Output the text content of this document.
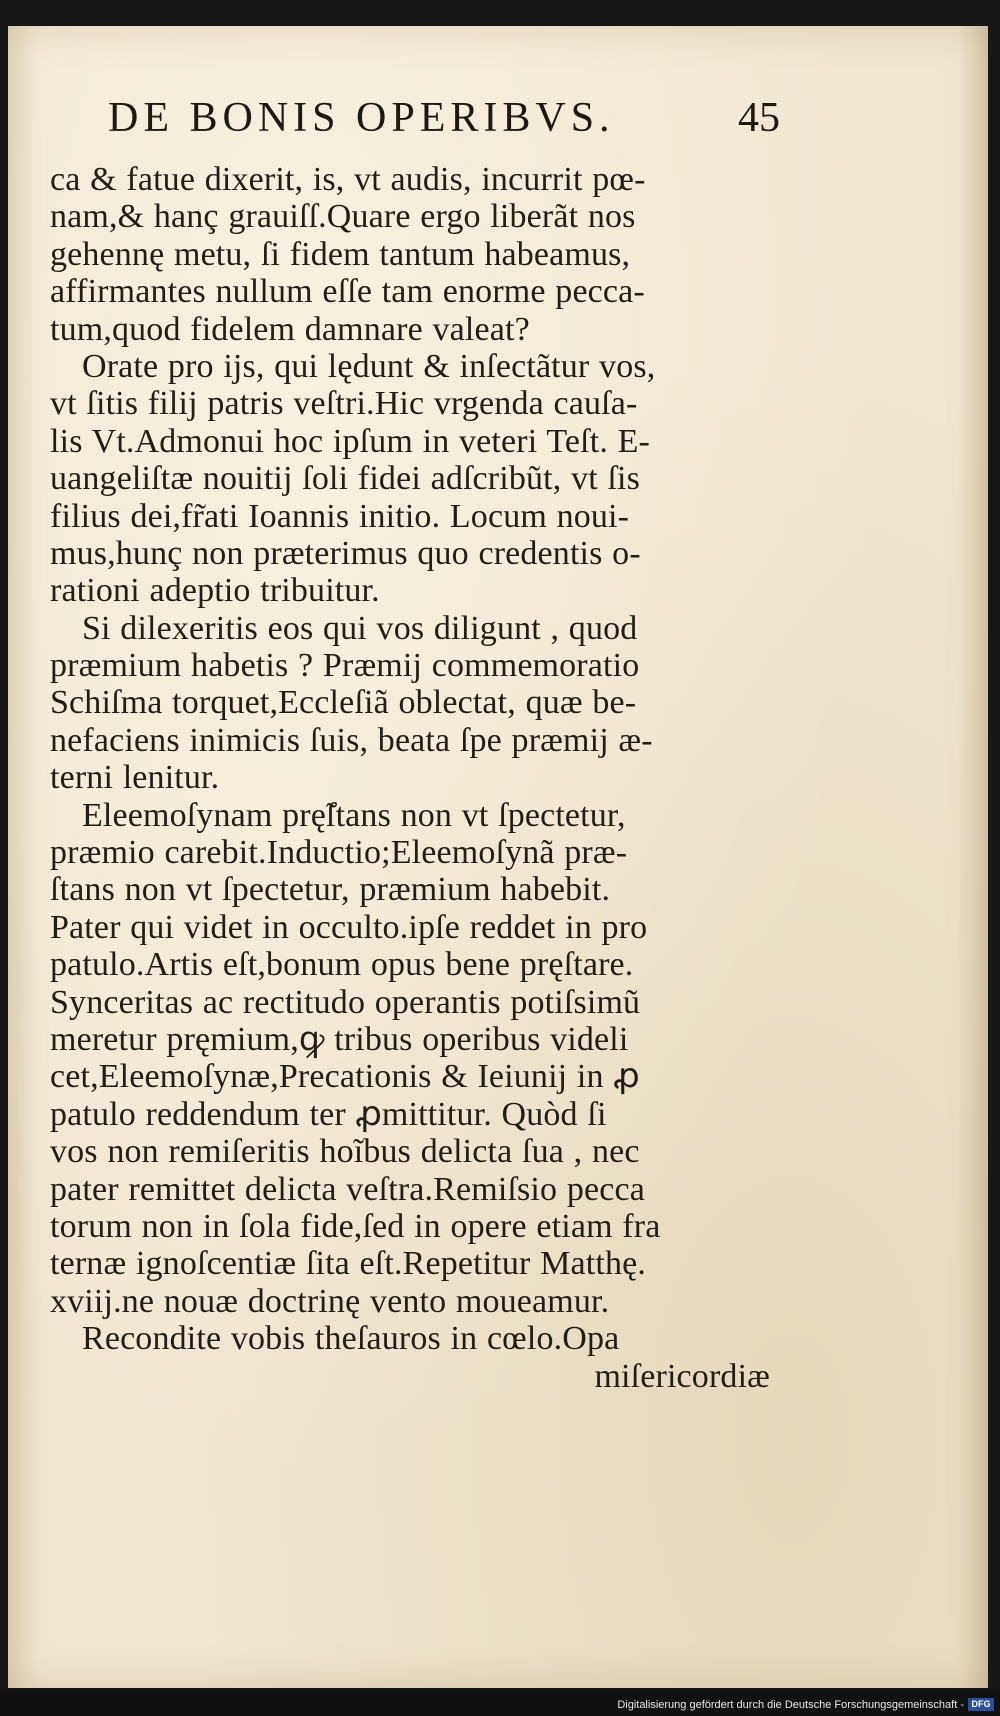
DE BONIS OPERIBVS.	45
ca & fatue dixerit, is, vt audis, incurrit pœ-
nam,& hanç grauiſſ.Quare ergo liberãt nos
gehennę metu, ſi fidem tantum habeamus,
affirmantes nullum eſſe tam enorme pecca-
tum,quod fidelem damnare valeat?
Orate pro ijs, qui lędunt & inſectãtur vos,
vt ſitis filij patris veſtri.Hic vrgenda cauſa-
lis Vt.Admonui hoc ipſum in veteri Teſt. E-
uangeliſtæ nouitij ſoli fidei adſcribũt, vt ſis
filius dei,fr̃ati Ioannis initio. Locum noui-
mus,hunç non præterimus quo credentis o-
rationi adeptio tribuitur.
Si dilexeritis eos qui vos diligunt , quod
præmium habetis ? Præmij commemoratio
Schiſma torquet,Eccleſiã oblectat, quæ be-
nefaciens inimicis ſuis, beata ſpe præmij æ-
terni lenitur.
Eleemoſynam prę̃ſtans non vt ſpectetur,
præmio carebit.Inductio;Eleemoſynã præ-
ſtans non vt ſpectetur, præmium habebit.
Pater qui videt in occulto.ipſe reddet in pro
patulo.Artis eſt,bonum opus bene pręſtare.
Synceritas ac rectitudo operantis potiſsimũ
meretur pręmium,ꝙ tribus operibus videli
cet,Eleemoſynæ,Precationis & Ieiunij in ꝓ
patulo reddendum ter ꝓmittitur. Quòd ſi
vos non remiſeritis hoĩbus delicta ſua , nec
pater remittet delicta veſtra.Remiſsio pecca
torum non in ſola fide,ſed in opere etiam fra
ternæ ignoſcentiæ ſita eſt.Repetitur Matthę.
xviij.ne nouæ doctrinę vento moueamur.
Recondite vobis theſauros in cœlo.Opa
miſericordiæ
Digitalisierung gefördert durch die Deutsche Forschungsgemeinschaft - DFG
